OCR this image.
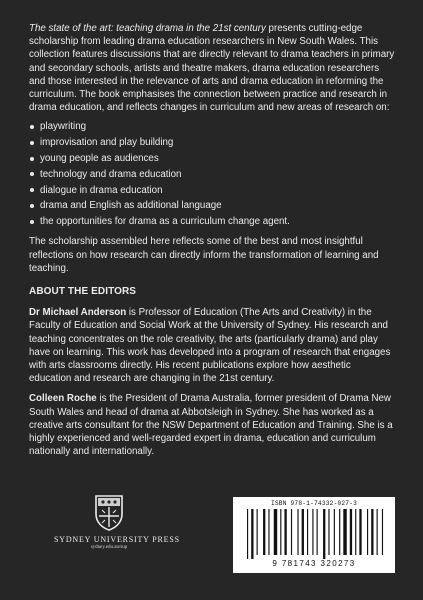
The state of the art: teaching drama in the 21st century presents cutting-edge scholarship from leading drama education researchers in New South Wales. This collection features discussions that are directly relevant to drama teachers in primary and secondary schools, artists and theatre makers, drama education researchers and those interested in the relevance of arts and drama education in reforming the curriculum. The book emphasises the connection between practice and research in drama education, and reflects changes in curriculum and new areas of research on:

playwriting
improvisation and play building
young people as audiences
technology and drama education
dialogue in drama education
drama and English as additional language
the opportunities for drama as a curriculum change agent.

The scholarship assembled here reflects some of the best and most insightful reflections on how research can directly inform the transformation of learning and teaching.

ABOUT THE EDITORS

Dr Michael Anderson is Professor of Education (The Arts and Creativity) in the Faculty of Education and Social Work at the University of Sydney. His research and teaching concentrates on the role creativity, the arts (particularly drama) and play have on learning. This work has developed into a program of research that engages with arts classrooms directly. His recent publications explore how aesthetic education and research are changing in the 21st century.

Colleen Roche is the President of Drama Australia, former president of Drama New South Wales and head of drama at Abbotsleigh in Sydney. She has worked as a creative arts consultant for the NSW Department of Education and Training. She is a highly experienced and well-regarded expert in drama, education and curriculum nationally and internationally.

SYDNEY UNIVERSITY PRESS
sydney.edu.au/sup
ISBN 978-1-74332-027-3
9 781743 320273
